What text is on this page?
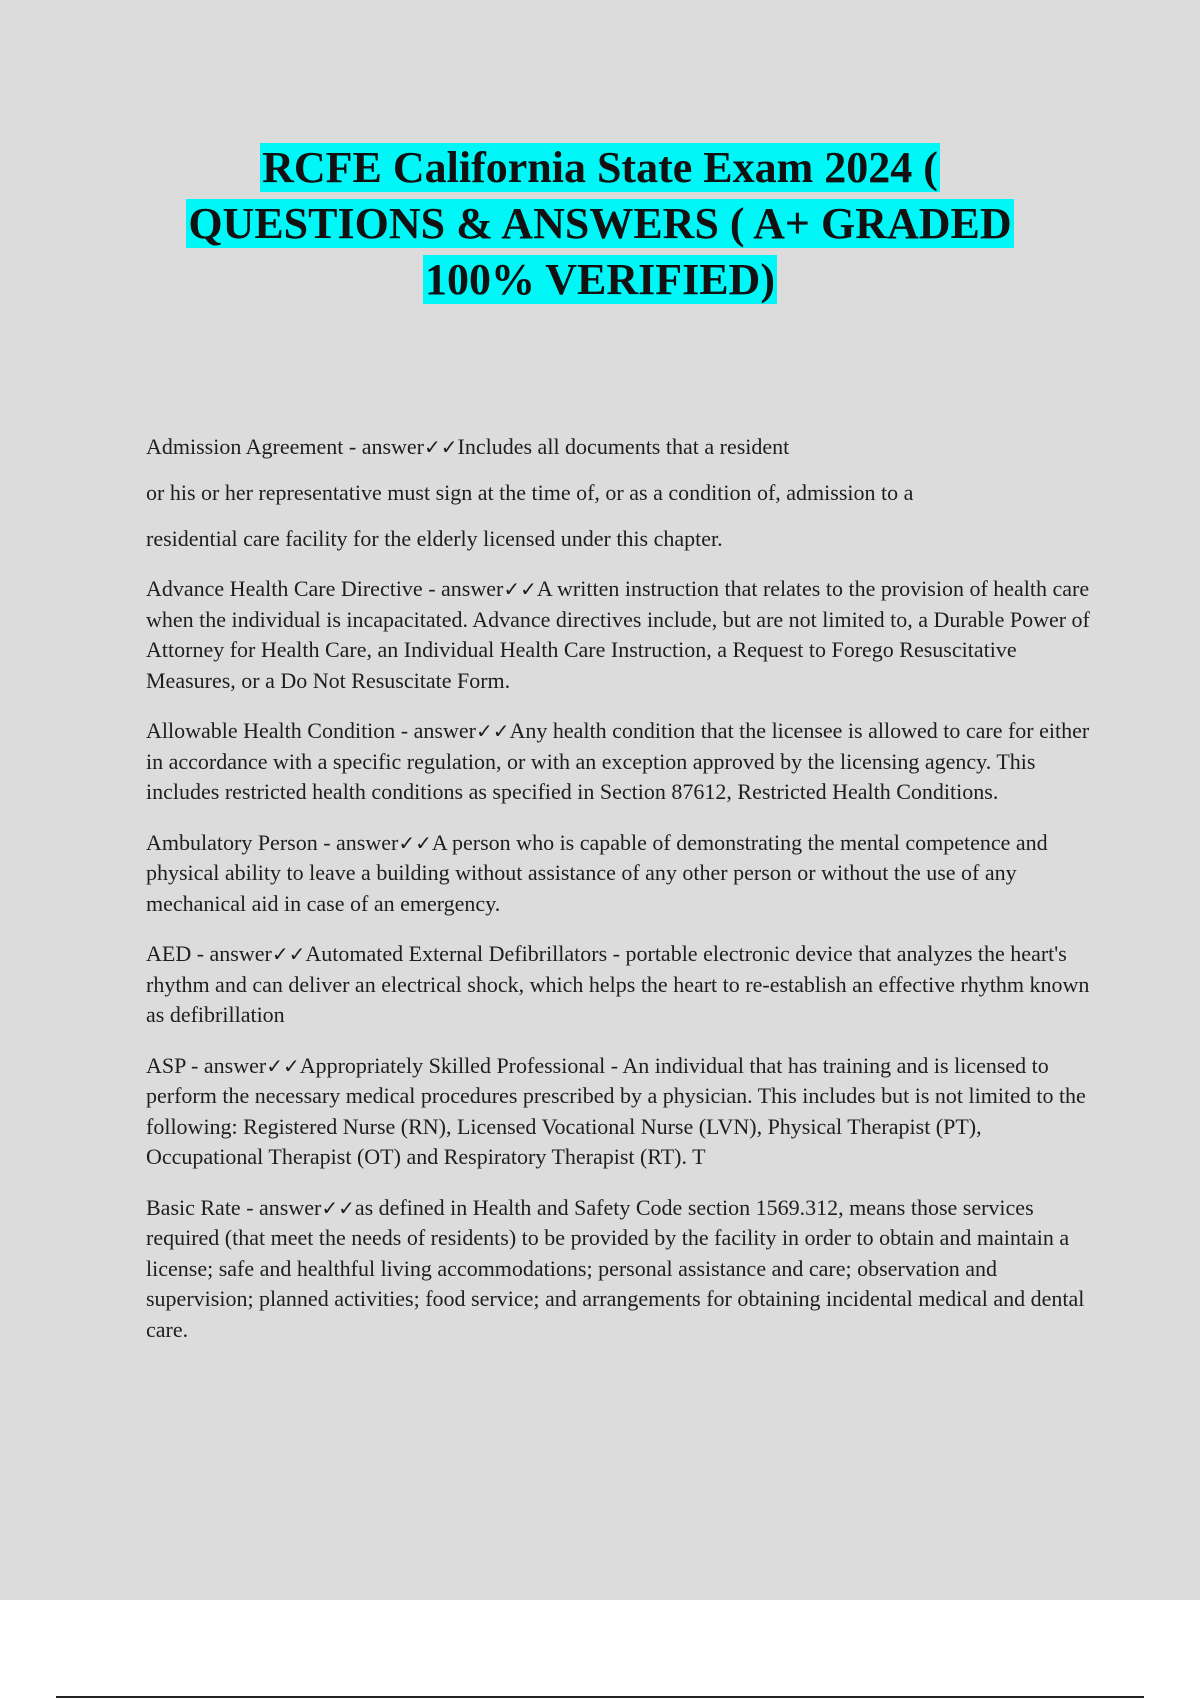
RCFE California State Exam 2024 (
QUESTIONS & ANSWERS ( A+ GRADED
100% VERIFIED)
Admission Agreement - answer✓✓Includes all documents that a resident
or his or her representative must sign at the time of, or as a condition of, admission to a
residential care facility for the elderly licensed under this chapter.

Advance Health Care Directive - answer✓✓A written instruction that relates to the provision of health care when the individual is incapacitated. Advance directives include, but are not limited to, a Durable Power of Attorney for Health Care, an Individual Health Care Instruction, a Request to Forego Resuscitative Measures, or a Do Not Resuscitate Form.

Allowable Health Condition - answer✓✓Any health condition that the licensee is allowed to care for either in accordance with a specific regulation, or with an exception approved by the licensing agency. This includes restricted health conditions as specified in Section 87612, Restricted Health Conditions.

Ambulatory Person - answer✓✓A person who is capable of demonstrating the mental competence and physical ability to leave a building without assistance of any other person or without the use of any mechanical aid in case of an emergency.

AED - answer✓✓Automated External Defibrillators - portable electronic device that analyzes the heart's rhythm and can deliver an electrical shock, which helps the heart to re-establish an effective rhythm known as defibrillation

ASP - answer✓✓Appropriately Skilled Professional - An individual that has training and is licensed to perform the necessary medical procedures prescribed by a physician. This includes but is not limited to the following: Registered Nurse (RN), Licensed Vocational Nurse (LVN), Physical Therapist (PT), Occupational Therapist (OT) and Respiratory Therapist (RT). T

Basic Rate - answer✓✓as defined in Health and Safety Code section 1569.312, means those services required (that meet the needs of residents) to be provided by the facility in order to obtain and maintain a license; safe and healthful living accommodations; personal assistance and care; observation and supervision; planned activities; food service; and arrangements for obtaining incidental medical and dental care.
